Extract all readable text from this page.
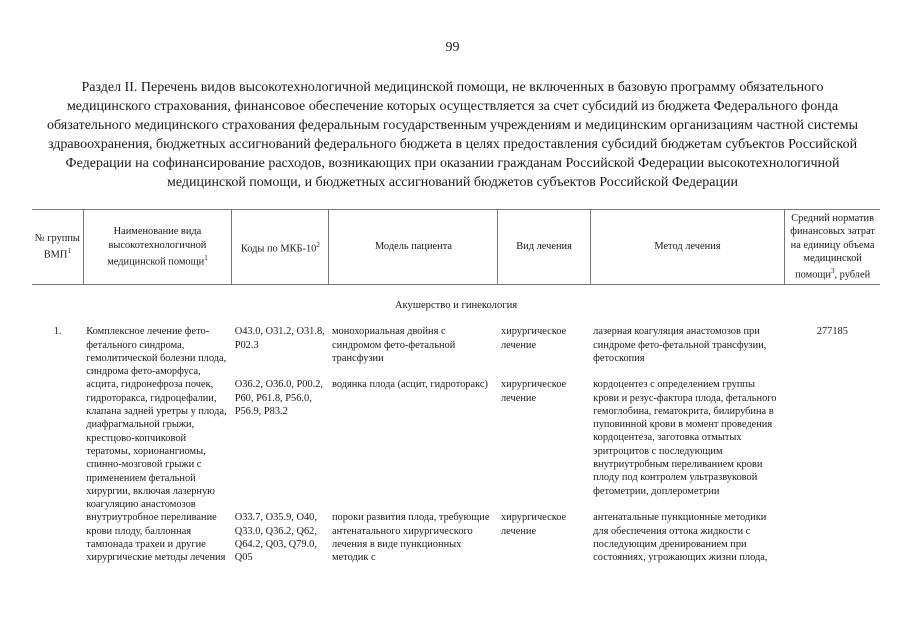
99
Раздел II. Перечень видов высокотехнологичной медицинской помощи, не включенных в базовую программу обязательного медицинского страхования, финансовое обеспечение которых осуществляется за счет субсидий из бюджета Федерального фонда обязательного медицинского страхования федеральным государственным учреждениям и медицинским организациям частной системы здравоохранения, бюджетных ассигнований федерального бюджета в целях предоставления субсидий бюджетам субъектов Российской Федерации на софинансирование расходов, возникающих при оказании гражданам Российской Федерации высокотехнологичной медицинской помощи, и бюджетных ассигнований бюджетов субъектов Российской Федерации
№ группы ВМП$^1$	Наименование вида высокотехнологичной медицинской помощи$^1$	Коды по МКБ-$10^2$	Модель пациента	Вид лечения	Метод лечения	Средний норматив финансовых затрат на единицу объема медицинской помощи$^3$, рублей
Акушерство и гинекология						
1.	Комплексное лечение фето-фетального синдрома, гемолитической болезни плода, синдрома фето-аморфуса, асцита, гидронефроза почек, гидроторакса, гидроцефалии, клапана задней уретры у плода, диафрагмальной грыжи, крестцово-копчиковой тератомы, хорионангиомы, спинно-мозговой грыжи с применением фетальной хирургии, включая лазерную коагуляцию анастомозов внутриутробное переливание крови плоду, баллонная тампонада трахеи и другие хирургические методы лечения	O43.0, O31.2, O31.8, P02.3	монохориальная двойня с синдромом фето-фетальной трансфузии	хирургическое лечение	лазерная коагуляция анастомозов при синдроме фето-фетальной трансфузии, фетоскопия	277185
		O36.2, O36.0, P00.2, P60, P61.8, P56.0, P56.9, P83.2	водянка плода (асцит, гидроторакс)	хирургическое лечение	кордоцентез с определением группы крови и резус-фактора плода, фетального гемоглобина, гематокрита, билирубина в пуповинной крови в момент проведения кордоцентеза, заготовка отмытых эритроцитов с последующим внутриутробным переливанием крови плоду под контролем ультразвуковой фетометрии, доплерометрии	
		O33.7, O35.9, O40, Q33.0, Q36.2, Q62, Q64.2, Q03, Q79.0, Q05	пороки развития плода, требующие антенатального хирургического лечения в виде пункционных методик с	хирургическое лечение	антенатальные пункционные методики для обеспечения оттока жидкости с последующим дренированием при состояниях, угрожающих жизни плода,	
